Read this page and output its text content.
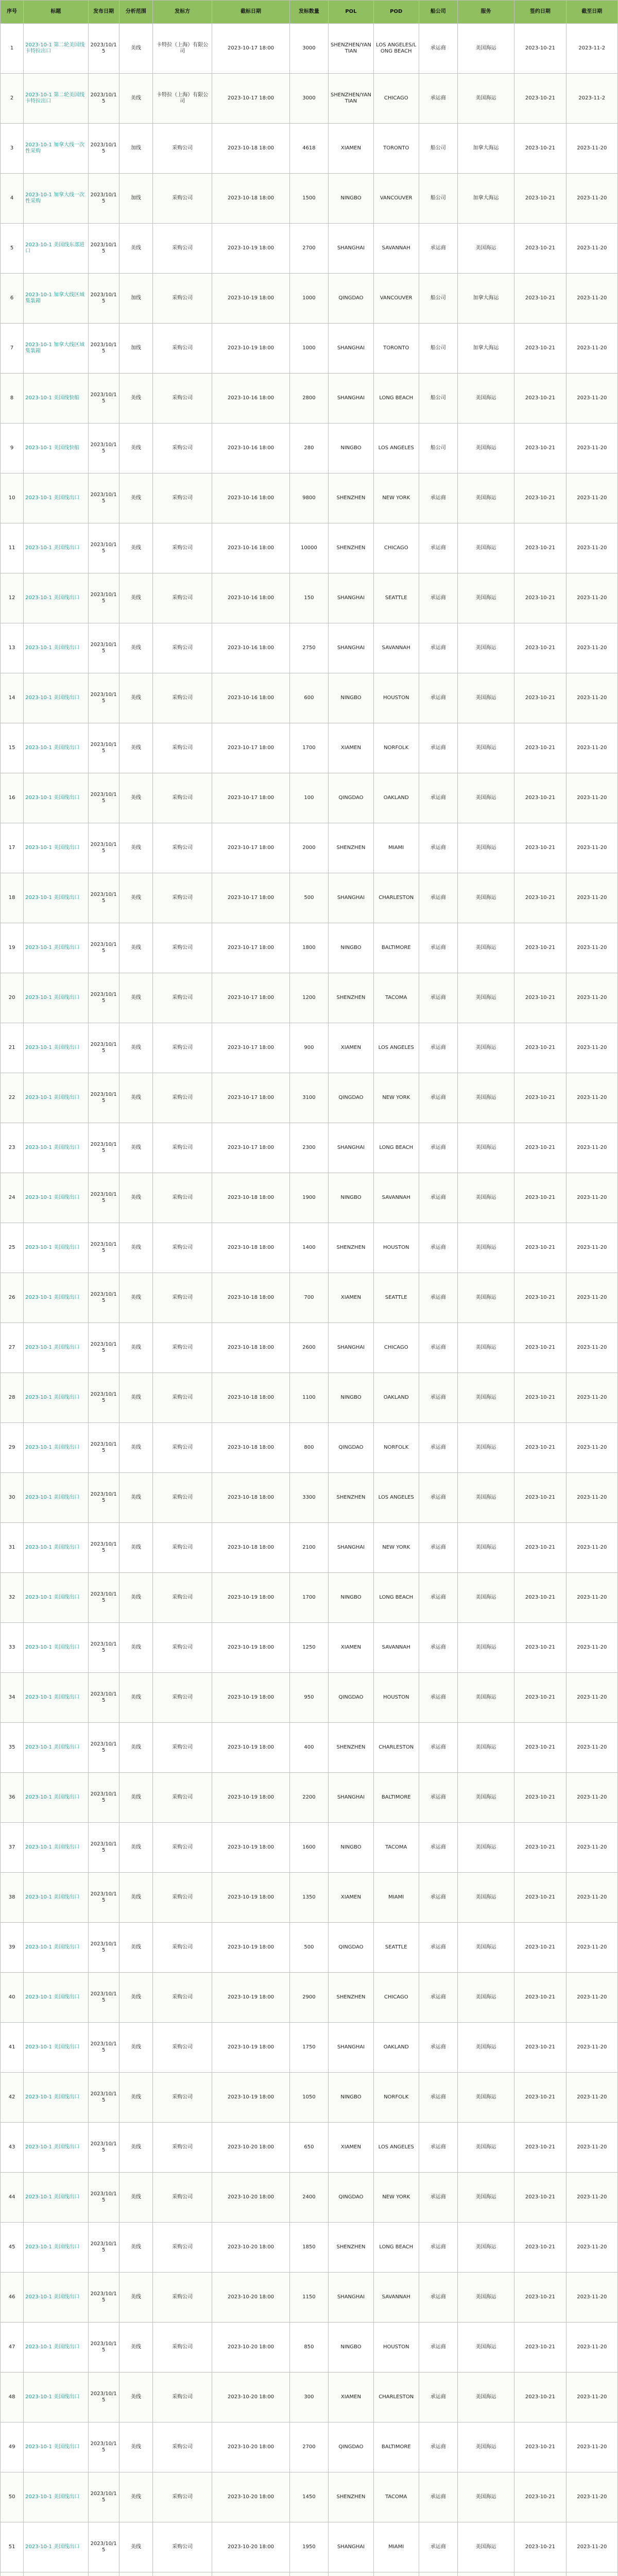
序号	标题	发布日期	分析范围	发标方	截标日期	发标数量	POL	POD	船公司	服务	签约日期	截至日期
1	2023-10-1 第二轮美国线卡特拉出口	2023/10/15	美线	卡特拉（上海）有限公司	2023-10-17 18:00	3000	SHENZHEN/YANTIAN	LOS ANGELES/LONG BEACH	承运商	美国海运	2023-10-21	2023-11-2
2	2023-10-1 第二轮美国线卡特拉出口	2023/10/15	美线	卡特拉（上海）有限公司	2023-10-17 18:00	3000	SHENZHEN/YANTIAN	CHICAGO	承运商	美国海运	2023-10-21	2023-11-2
3	2023-10-1 加拿大线一次性采购	2023/10/15	加线	采购公司	2023-10-18 18:00	4618	XIAMEN	TORONTO	船公司	加拿大海运	2023-10-21	2023-11-20
4	2023-10-1 加拿大线一次性采购	2023/10/15	加线	采购公司	2023-10-18 18:00	1500	NINGBO	VANCOUVER	船公司	加拿大海运	2023-10-21	2023-11-20
5	2023-10-1 美国线东部进口	2023/10/15	美线	采购公司	2023-10-19 18:00	2700	SHANGHAI	SAVANNAH	承运商	美国海运	2023-10-21	2023-11-20
6	2023-10-1 加拿大线区域集装箱	2023/10/15	加线	采购公司	2023-10-19 18:00	1000	QINGDAO	VANCOUVER	船公司	加拿大海运	2023-10-21	2023-11-20
7	2023-10-1 加拿大线区域集装箱	2023/10/15	加线	采购公司	2023-10-19 18:00	1000	SHANGHAI	TORONTO	船公司	加拿大海运	2023-10-21	2023-11-20
8	2023-10-1 美国线快船	2023/10/15	美线	采购公司	2023-10-16 18:00	2800	SHANGHAI	LONG BEACH	船公司	美国海运	2023-10-21	2023-11-20
9	2023-10-1 美国线快船	2023/10/15	美线	采购公司	2023-10-16 18:00	280	NINGBO	LOS ANGELES	船公司	美国海运	2023-10-21	2023-11-20
10	2023-10-1 美国线出口	2023/10/15	美线	采购公司	2023-10-16 18:00	9800	SHENZHEN	NEW YORK	承运商	美国海运	2023-10-21	2023-11-20
11	2023-10-1 美国线出口	2023/10/15	美线	采购公司	2023-10-16 18:00	10000	SHENZHEN	CHICAGO	承运商	美国海运	2023-10-21	2023-11-20
12	2023-10-1 美国线出口	2023/10/15	美线	采购公司	2023-10-16 18:00	150	SHANGHAI	SEATTLE	承运商	美国海运	2023-10-21	2023-11-20
13	2023-10-1 美国线出口	2023/10/15	美线	采购公司	2023-10-16 18:00	2750	SHANGHAI	SAVANNAH	承运商	美国海运	2023-10-21	2023-11-20
14	2023-10-1 美国线出口	2023/10/15	美线	采购公司	2023-10-16 18:00	600	NINGBO	HOUSTON	承运商	美国海运	2023-10-21	2023-11-20
15	2023-10-1 美国线出口	2023/10/15	美线	采购公司	2023-10-17 18:00	1700	XIAMEN	NORFOLK	承运商	美国海运	2023-10-21	2023-11-20
16	2023-10-1 美国线出口	2023/10/15	美线	采购公司	2023-10-17 18:00	100	QINGDAO	OAKLAND	承运商	美国海运	2023-10-21	2023-11-20
17	2023-10-1 美国线出口	2023/10/15	美线	采购公司	2023-10-17 18:00	2000	SHENZHEN	MIAMI	承运商	美国海运	2023-10-21	2023-11-20
18	2023-10-1 美国线出口	2023/10/15	美线	采购公司	2023-10-17 18:00	500	SHANGHAI	CHARLESTON	承运商	美国海运	2023-10-21	2023-11-20
19	2023-10-1 美国线出口	2023/10/15	美线	采购公司	2023-10-17 18:00	1800	NINGBO	BALTIMORE	承运商	美国海运	2023-10-21	2023-11-20
20	2023-10-1 美国线出口	2023/10/15	美线	采购公司	2023-10-17 18:00	1200	SHENZHEN	TACOMA	承运商	美国海运	2023-10-21	2023-11-20
21	2023-10-1 美国线出口	2023/10/15	美线	采购公司	2023-10-17 18:00	900	XIAMEN	LOS ANGELES	承运商	美国海运	2023-10-21	2023-11-20
22	2023-10-1 美国线出口	2023/10/15	美线	采购公司	2023-10-17 18:00	3100	QINGDAO	NEW YORK	承运商	美国海运	2023-10-21	2023-11-20
23	2023-10-1 美国线出口	2023/10/15	美线	采购公司	2023-10-17 18:00	2300	SHANGHAI	LONG BEACH	承运商	美国海运	2023-10-21	2023-11-20
24	2023-10-1 美国线出口	2023/10/15	美线	采购公司	2023-10-18 18:00	1900	NINGBO	SAVANNAH	承运商	美国海运	2023-10-21	2023-11-20
25	2023-10-1 美国线出口	2023/10/15	美线	采购公司	2023-10-18 18:00	1400	SHENZHEN	HOUSTON	承运商	美国海运	2023-10-21	2023-11-20
26	2023-10-1 美国线出口	2023/10/15	美线	采购公司	2023-10-18 18:00	700	XIAMEN	SEATTLE	承运商	美国海运	2023-10-21	2023-11-20
27	2023-10-1 美国线出口	2023/10/15	美线	采购公司	2023-10-18 18:00	2600	SHANGHAI	CHICAGO	承运商	美国海运	2023-10-21	2023-11-20
28	2023-10-1 美国线出口	2023/10/15	美线	采购公司	2023-10-18 18:00	1100	NINGBO	OAKLAND	承运商	美国海运	2023-10-21	2023-11-20
29	2023-10-1 美国线出口	2023/10/15	美线	采购公司	2023-10-18 18:00	800	QINGDAO	NORFOLK	承运商	美国海运	2023-10-21	2023-11-20
30	2023-10-1 美国线出口	2023/10/15	美线	采购公司	2023-10-18 18:00	3300	SHENZHEN	LOS ANGELES	承运商	美国海运	2023-10-21	2023-11-20
31	2023-10-1 美国线出口	2023/10/15	美线	采购公司	2023-10-18 18:00	2100	SHANGHAI	NEW YORK	承运商	美国海运	2023-10-21	2023-11-20
32	2023-10-1 美国线出口	2023/10/15	美线	采购公司	2023-10-19 18:00	1700	NINGBO	LONG BEACH	承运商	美国海运	2023-10-21	2023-11-20
33	2023-10-1 美国线出口	2023/10/15	美线	采购公司	2023-10-19 18:00	1250	XIAMEN	SAVANNAH	承运商	美国海运	2023-10-21	2023-11-20
34	2023-10-1 美国线出口	2023/10/15	美线	采购公司	2023-10-19 18:00	950	QINGDAO	HOUSTON	承运商	美国海运	2023-10-21	2023-11-20
35	2023-10-1 美国线出口	2023/10/15	美线	采购公司	2023-10-19 18:00	400	SHENZHEN	CHARLESTON	承运商	美国海运	2023-10-21	2023-11-20
36	2023-10-1 美国线出口	2023/10/15	美线	采购公司	2023-10-19 18:00	2200	SHANGHAI	BALTIMORE	承运商	美国海运	2023-10-21	2023-11-20
37	2023-10-1 美国线出口	2023/10/15	美线	采购公司	2023-10-19 18:00	1600	NINGBO	TACOMA	承运商	美国海运	2023-10-21	2023-11-20
38	2023-10-1 美国线出口	2023/10/15	美线	采购公司	2023-10-19 18:00	1350	XIAMEN	MIAMI	承运商	美国海运	2023-10-21	2023-11-20
39	2023-10-1 美国线出口	2023/10/15	美线	采购公司	2023-10-19 18:00	500	QINGDAO	SEATTLE	承运商	美国海运	2023-10-21	2023-11-20
40	2023-10-1 美国线出口	2023/10/15	美线	采购公司	2023-10-19 18:00	2900	SHENZHEN	CHICAGO	承运商	美国海运	2023-10-21	2023-11-20
41	2023-10-1 美国线出口	2023/10/15	美线	采购公司	2023-10-19 18:00	1750	SHANGHAI	OAKLAND	承运商	美国海运	2023-10-21	2023-11-20
42	2023-10-1 美国线出口	2023/10/15	美线	采购公司	2023-10-19 18:00	1050	NINGBO	NORFOLK	承运商	美国海运	2023-10-21	2023-11-20
43	2023-10-1 美国线出口	2023/10/15	美线	采购公司	2023-10-20 18:00	650	XIAMEN	LOS ANGELES	承运商	美国海运	2023-10-21	2023-11-20
44	2023-10-1 美国线出口	2023/10/15	美线	采购公司	2023-10-20 18:00	2400	QINGDAO	NEW YORK	承运商	美国海运	2023-10-21	2023-11-20
45	2023-10-1 美国线出口	2023/10/15	美线	采购公司	2023-10-20 18:00	1850	SHENZHEN	LONG BEACH	承运商	美国海运	2023-10-21	2023-11-20
46	2023-10-1 美国线出口	2023/10/15	美线	采购公司	2023-10-20 18:00	1150	SHANGHAI	SAVANNAH	承运商	美国海运	2023-10-21	2023-11-20
47	2023-10-1 美国线出口	2023/10/15	美线	采购公司	2023-10-20 18:00	850	NINGBO	HOUSTON	承运商	美国海运	2023-10-21	2023-11-20
48	2023-10-1 美国线出口	2023/10/15	美线	采购公司	2023-10-20 18:00	300	XIAMEN	CHARLESTON	承运商	美国海运	2023-10-21	2023-11-20
49	2023-10-1 美国线出口	2023/10/15	美线	采购公司	2023-10-20 18:00	2700	QINGDAO	BALTIMORE	承运商	美国海运	2023-10-21	2023-11-20
50	2023-10-1 美国线出口	2023/10/15	美线	采购公司	2023-10-20 18:00	1450	SHENZHEN	TACOMA	承运商	美国海运	2023-10-21	2023-11-20
51	2023-10-1 美国线出口	2023/10/15	美线	采购公司	2023-10-20 18:00	1950	SHANGHAI	MIAMI	承运商	美国海运	2023-10-21	2023-11-20
